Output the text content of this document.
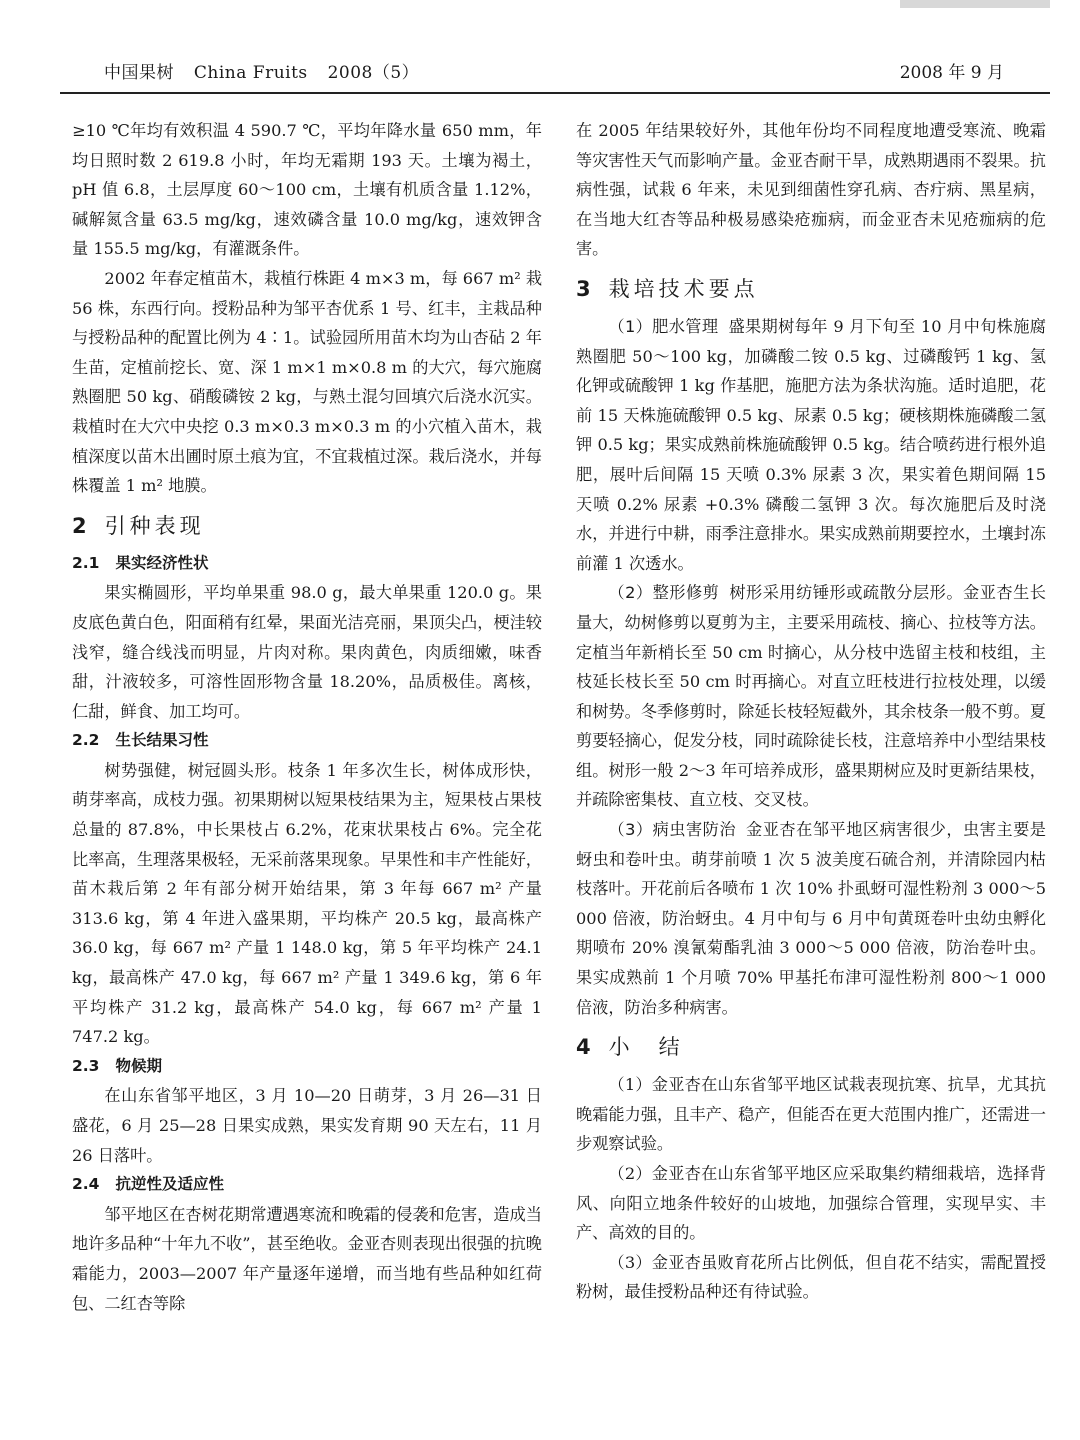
中国果树 China Fruits 2008（5）	2008 年 9 月

≥10 ℃年均有效积温 4 590.7 ℃，平均年降水量 650 mm，年均日照时数 2 619.8 小时，年均无霜期 193 天。土壤为褐土，pH 值 6.8，土层厚度 60～100 cm，土壤有机质含量 1.12%，碱解氮含量 63.5 mg/kg，速效磷含量 10.0 mg/kg，速效钾含量 155.5 mg/kg，有灌溉条件。

2002 年春定植苗木，栽植行株距 4 m×3 m，每 667 m² 栽 56 株，东西行向。授粉品种为邹平杏优系 1 号、红丰，主栽品种与授粉品种的配置比例为 4∶1。试验园所用苗木均为山杏砧 2 年生苗，定植前挖长、宽、深 1 m×1 m×0.8 m 的大穴，每穴施腐熟圈肥 50 kg、硝酸磷铵 2 kg，与熟土混匀回填穴后浇水沉实。栽植时在大穴中央挖 0.3 m×0.3 m×0.3 m 的小穴植入苗木，栽植深度以苗木出圃时原土痕为宜，不宜栽植过深。栽后浇水，并每株覆盖 1 m² 地膜。

2 引种表现
2.1 果实经济性状

果实椭圆形，平均单果重 98.0 g，最大单果重 120.0 g。果皮底色黄白色，阳面稍有红晕，果面光洁亮丽，果顶尖凸，梗洼较浅窄，缝合线浅而明显，片肉对称。果肉黄色，肉质细嫩，味香甜，汁液较多，可溶性固形物含量 18.20%，品质极佳。离核，仁甜，鲜食、加工均可。

2.2 生长结果习性

树势强健，树冠圆头形。枝条 1 年多次生长，树体成形快，萌芽率高，成枝力强。初果期树以短果枝结果为主，短果枝占果枝总量的 87.8%，中长果枝占 6.2%，花束状果枝占 6%。完全花比率高，生理落果极轻，无采前落果现象。早果性和丰产性能好，苗木栽后第 2 年有部分树开始结果，第 3 年每 667 m² 产量 313.6 kg，第 4 年进入盛果期，平均株产 20.5 kg，最高株产 36.0 kg，每 667 m² 产量 1 148.0 kg，第 5 年平均株产 24.1 kg，最高株产 47.0 kg，每 667 m² 产量 1 349.6 kg，第 6 年平均株产 31.2 kg，最高株产 54.0 kg，每 667 m² 产量 1 747.2 kg。

2.3 物候期

在山东省邹平地区，3 月 10—20 日萌芽，3 月 26—31 日盛花，6 月 25—28 日果实成熟，果实发育期 90 天左右，11 月 26 日落叶。

2.4 抗逆性及适应性

邹平地区在杏树花期常遭遇寒流和晚霜的侵袭和危害，造成当地许多品种“十年九不收”，甚至绝收。金亚杏则表现出很强的抗晚霜能力，2003—2007 年产量逐年递增，而当地有些品种如红荷包、二红杏等除

在 2005 年结果较好外，其他年份均不同程度地遭受寒流、晚霜等灾害性天气而影响产量。金亚杏耐干旱，成熟期遇雨不裂果。抗病性强，试栽 6 年来，未见到细菌性穿孔病、杏疔病、黑星病，在当地大红杏等品种极易感染疮痂病，而金亚杏未见疮痂病的危害。

3 栽培技术要点

（1）肥水管理 盛果期树每年 9 月下旬至 10 月中旬株施腐熟圈肥 50～100 kg，加磷酸二铵 0.5 kg、过磷酸钙 1 kg、氢化钾或硫酸钾 1 kg 作基肥，施肥方法为条状沟施。适时追肥，花前 15 天株施硫酸钾 0.5 kg、尿素 0.5 kg；硬核期株施磷酸二氢钾 0.5 kg；果实成熟前株施硫酸钾 0.5 kg。结合喷药进行根外追肥，展叶后间隔 15 天喷 0.3% 尿素 3 次，果实着色期间隔 15 天喷 0.2% 尿素 +0.3% 磷酸二氢钾 3 次。每次施肥后及时浇水，并进行中耕，雨季注意排水。果实成熟前期要控水，土壤封冻前灌 1 次透水。

（2）整形修剪 树形采用纺锤形或疏散分层形。金亚杏生长量大，幼树修剪以夏剪为主，主要采用疏枝、摘心、拉枝等方法。定植当年新梢长至 50 cm 时摘心，从分枝中选留主枝和枝组，主枝延长枝长至 50 cm 时再摘心。对直立旺枝进行拉枝处理，以缓和树势。冬季修剪时，除延长枝轻短截外，其余枝条一般不剪。夏剪要轻摘心，促发分枝，同时疏除徒长枝，注意培养中小型结果枝组。树形一般 2～3 年可培养成形，盛果期树应及时更新结果枝，并疏除密集枝、直立枝、交叉枝。

（3）病虫害防治 金亚杏在邹平地区病害很少，虫害主要是蚜虫和卷叶虫。萌芽前喷 1 次 5 波美度石硫合剂，并清除园内枯枝落叶。开花前后各喷布 1 次 10% 扑虱蚜可湿性粉剂 3 000～5 000 倍液，防治蚜虫。4 月中旬与 6 月中旬黄斑卷叶虫幼虫孵化期喷布 20% 溴氰菊酯乳油 3 000～5 000 倍液，防治卷叶虫。果实成熟前 1 个月喷 70% 甲基托布津可湿性粉剂 800～1 000 倍液，防治多种病害。

4 小　结

（1）金亚杏在山东省邹平地区试栽表现抗寒、抗旱，尤其抗晚霜能力强，且丰产、稳产，但能否在更大范围内推广，还需进一步观察试验。

（2）金亚杏在山东省邹平地区应采取集约精细栽培，选择背风、向阳立地条件较好的山坡地，加强综合管理，实现早实、丰产、高效的目的。

（3）金亚杏虽败育花所占比例低，但自花不结实，需配置授粉树，最佳授粉品种还有待试验。
